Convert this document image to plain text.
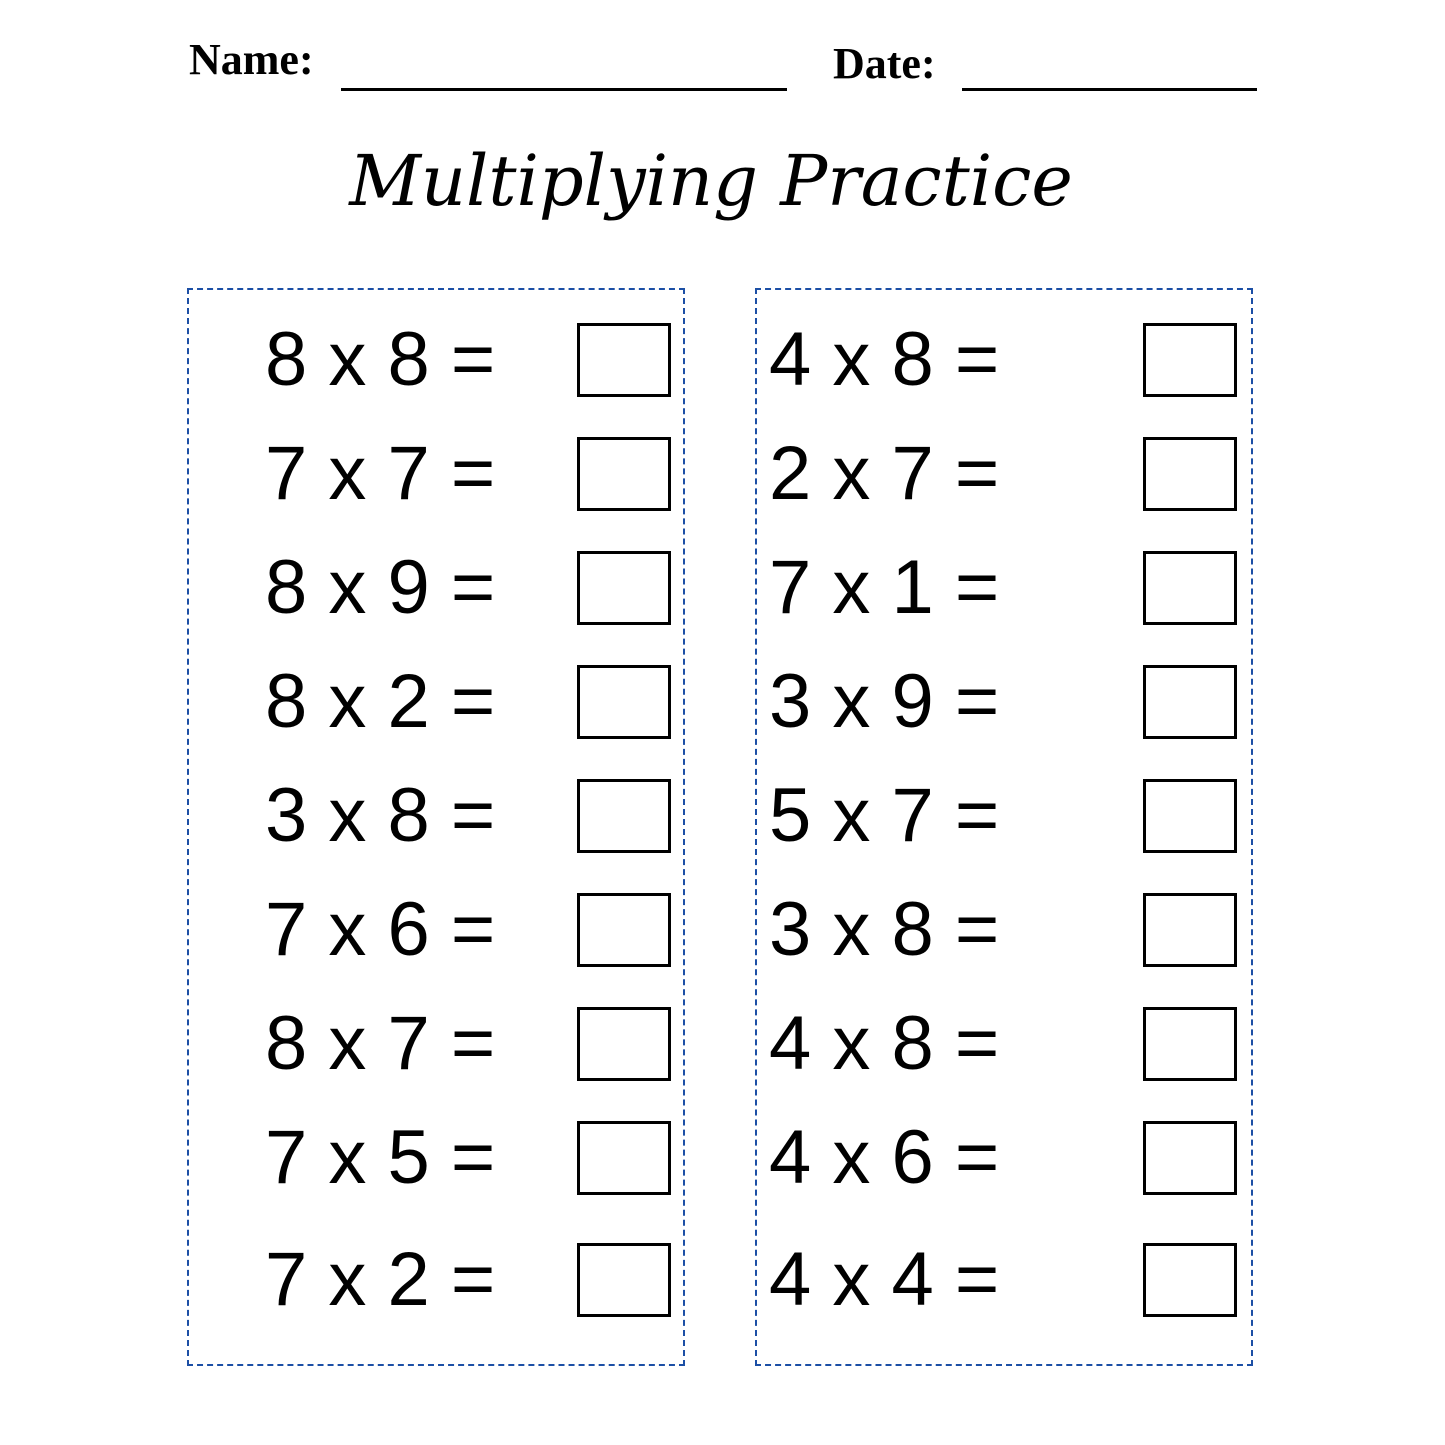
Name:	Date:
Multiplying Practice
8 x 8 =
7 x 7 =
8 x 9 =
8 x 2 =
3 x 8 =
7 x 6 =
8 x 7 =
7 x 5 =
7 x 2 =
4 x 8 =
2 x 7 =
7 x 1 =
3 x 9 =
5 x 7 =
3 x 8 =
4 x 8 =
4 x 6 =
4 x 4 =
